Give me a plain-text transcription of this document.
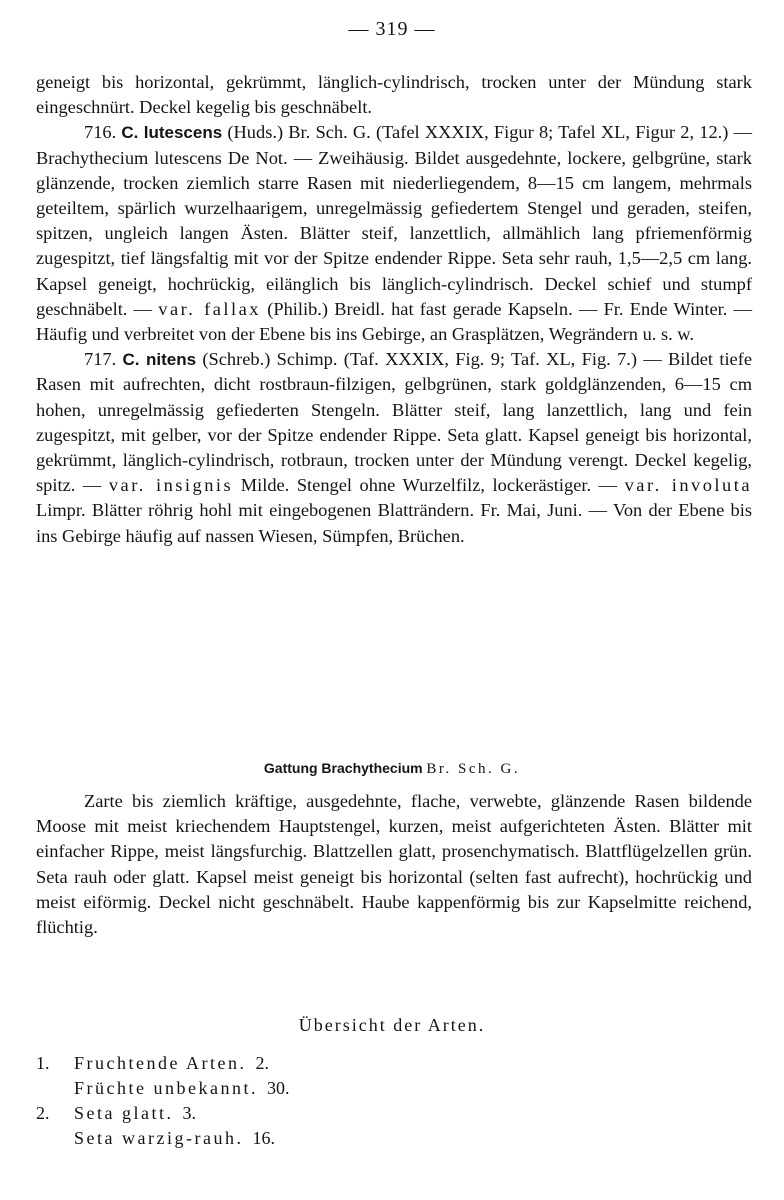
— 319 —

geneigt bis horizontal, gekrümmt, länglich-cylindrisch, trocken unter der Mündung stark eingeschnürt. Deckel kegelig bis geschnäbelt.

716. C. lutescens (Huds.) Br. Sch. G. (Tafel XXXIX, Figur 8; Tafel XL, Figur 2, 12.) — Brachythecium lutescens De Not. — Zweihäusig. Bildet ausgedehnte, lockere, gelbgrüne, stark glänzende, trocken ziemlich starre Rasen mit niederliegendem, 8—15 cm langem, mehrmals geteiltem, spärlich wurzelhaarigem, unregelmässig gefiedertem Stengel und geraden, steifen, spitzen, ungleich langen Ästen. Blätter steif, lanzettlich, allmählich lang pfriemenförmig zugespitzt, tief längsfaltig mit vor der Spitze endender Rippe. Seta sehr rauh, 1,5—2,5 cm lang. Kapsel geneigt, hochrückig, eilänglich bis länglich-cylindrisch. Deckel schief und stumpf geschnäbelt. — var. fallax (Philib.) Breidl. hat fast gerade Kapseln. — Fr. Ende Winter. — Häufig und verbreitet von der Ebene bis ins Gebirge, an Grasplätzen, Wegrändern u. s. w.

717. C. nitens (Schreb.) Schimp. (Taf. XXXIX, Fig. 9; Taf. XL, Fig. 7.) — Bildet tiefe Rasen mit aufrechten, dicht rostbraun-filzigen, gelbgrünen, stark goldglänzenden, 6—15 cm hohen, unregelmässig gefiederten Stengeln. Blätter steif, lang lanzettlich, lang und fein zugespitzt, mit gelber, vor der Spitze endender Rippe. Seta glatt. Kapsel geneigt bis horizontal, gekrümmt, länglich-cylindrisch, rotbraun, trocken unter der Mündung verengt. Deckel kegelig, spitz. — var. insignis Milde. Stengel ohne Wurzelfilz, lockerästiger. — var. involuta Limpr. Blätter röhrig hohl mit eingebogenen Blatträndern. Fr. Mai, Juni. — Von der Ebene bis ins Gebirge häufig auf nassen Wiesen, Sümpfen, Brüchen.

Gattung Brachythecium Br. Sch. G.

Zarte bis ziemlich kräftige, ausgedehnte, flache, verwebte, glänzende Rasen bildende Moose mit meist kriechendem Hauptstengel, kurzen, meist aufgerichteten Ästen. Blätter mit einfacher Rippe, meist längsfurchig. Blattzellen glatt, prosenchymatisch. Blattflügelzellen grün. Seta rauh oder glatt. Kapsel meist geneigt bis horizontal (selten fast aufrecht), hochrückig und meist eiförmig. Deckel nicht geschnäbelt. Haube kappenförmig bis zur Kapselmitte reichend, flüchtig.

Übersicht der Arten.
1. Fruchtende Arten. 2.
Früchte unbekannt. 30.
2. Seta glatt. 3.
Seta warzig-rauh. 16.
